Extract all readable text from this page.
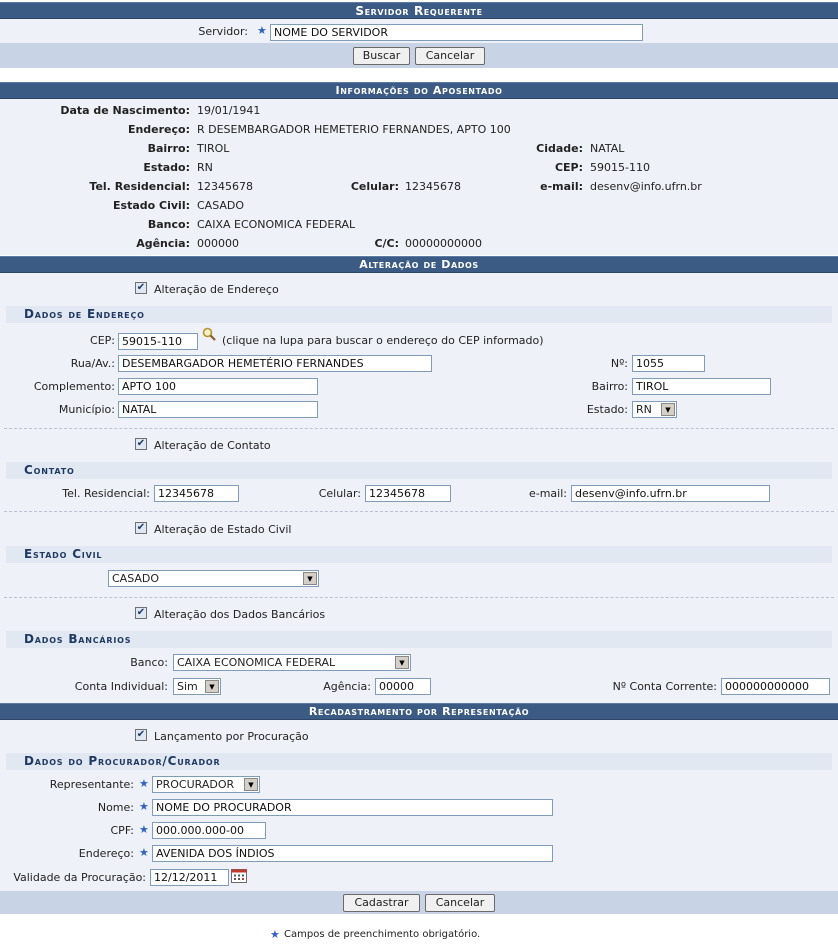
Servidor Requerente
Servidor: ★
NOME DO SERVIDOR
Buscar	Cancelar
Informações do Aposentado
Data de Nascimento: 19/01/1941
Endereço: R DESEMBARGADOR HEMETERIO FERNANDES, APTO 100
Bairro: TIROL	Cidade: NATAL
Estado: RN	CEP: 59015-110
Tel. Residencial: 12345678	Celular: 12345678	e-mail: desenv@info.ufrn.br
Estado Civil: CASADO
Banco: CAIXA ECONOMICA FEDERAL
Agência: 000000	C/C: 00000000000
Alteração de Dados
✔ Alteração de Endereço
Dados de Endereço
CEP:
59015-110	(clique na lupa para buscar o endereço do CEP informado)
Rua/Av.:
DESEMBARGADOR HEMETÉRIO FERNANDES	Nº:
1055
Complemento:
APTO 100	Bairro:
TIROL
Município:
NATAL	Estado: RN	▼
✔ Alteração de Contato
Contato
Tel. Residencial:
12345678	Celular:
12345678	e-mail:
desenv@info.ufrn.br
✔ Alteração de Estado Civil
Estado Civil
CASADO	▼
✔ Alteração dos Dados Bancários
Dados Bancários
Banco: CAIXA ECONOMICA FEDERAL	▼
Conta Individual: Sim	▼	Agência:
00000	Nº Conta Corrente:
000000000000
Recadastramento por Representação
✔ Lançamento por Procuração
Dados do Procurador/Curador
Representante: ★ PROCURADOR	▼
Nome: ★
NOME DO PROCURADOR
CPF: ★
000.000.000-00
Endereço: ★
AVENIDA DOS ÍNDIOS
Validade da Procuração:
12/12/2011
Cadastrar	Cancelar
★ Campos de preenchimento obrigatório.
